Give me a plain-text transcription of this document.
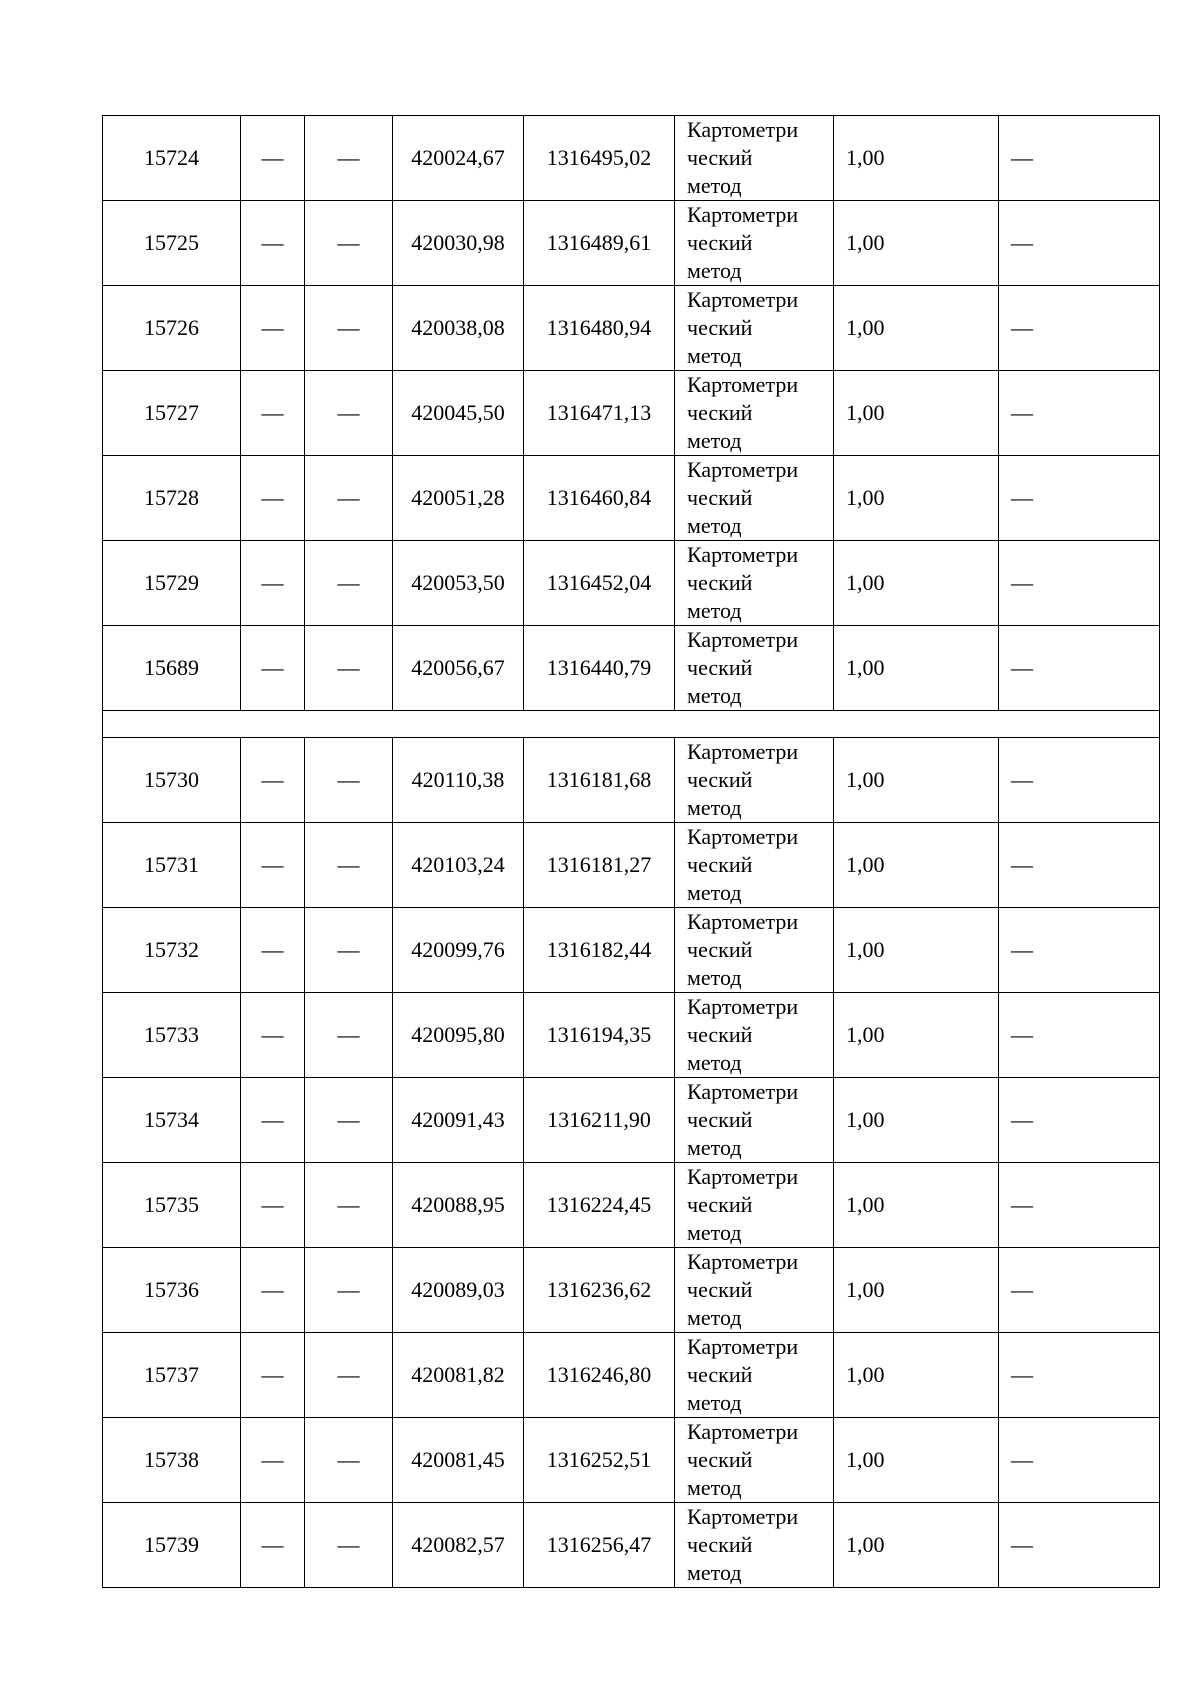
15724	—	—	420024,67	1316495,02	Картометри
ческий
метод	1,00	—
15725	—	—	420030,98	1316489,61	Картометри
ческий
метод	1,00	—
15726	—	—	420038,08	1316480,94	Картометри
ческий
метод	1,00	—
15727	—	—	420045,50	1316471,13	Картометри
ческий
метод	1,00	—
15728	—	—	420051,28	1316460,84	Картометри
ческий
метод	1,00	—
15729	—	—	420053,50	1316452,04	Картометри
ческий
метод	1,00	—
15689	—	—	420056,67	1316440,79	Картометри
ческий
метод	1,00	—

15730	—	—	420110,38	1316181,68	Картометри
ческий
метод	1,00	—
15731	—	—	420103,24	1316181,27	Картометри
ческий
метод	1,00	—
15732	—	—	420099,76	1316182,44	Картометри
ческий
метод	1,00	—
15733	—	—	420095,80	1316194,35	Картометри
ческий
метод	1,00	—
15734	—	—	420091,43	1316211,90	Картометри
ческий
метод	1,00	—
15735	—	—	420088,95	1316224,45	Картометри
ческий
метод	1,00	—
15736	—	—	420089,03	1316236,62	Картометри
ческий
метод	1,00	—
15737	—	—	420081,82	1316246,80	Картометри
ческий
метод	1,00	—
15738	—	—	420081,45	1316252,51	Картометри
ческий
метод	1,00	—
15739	—	—	420082,57	1316256,47	Картометри
ческий
метод	1,00	—
